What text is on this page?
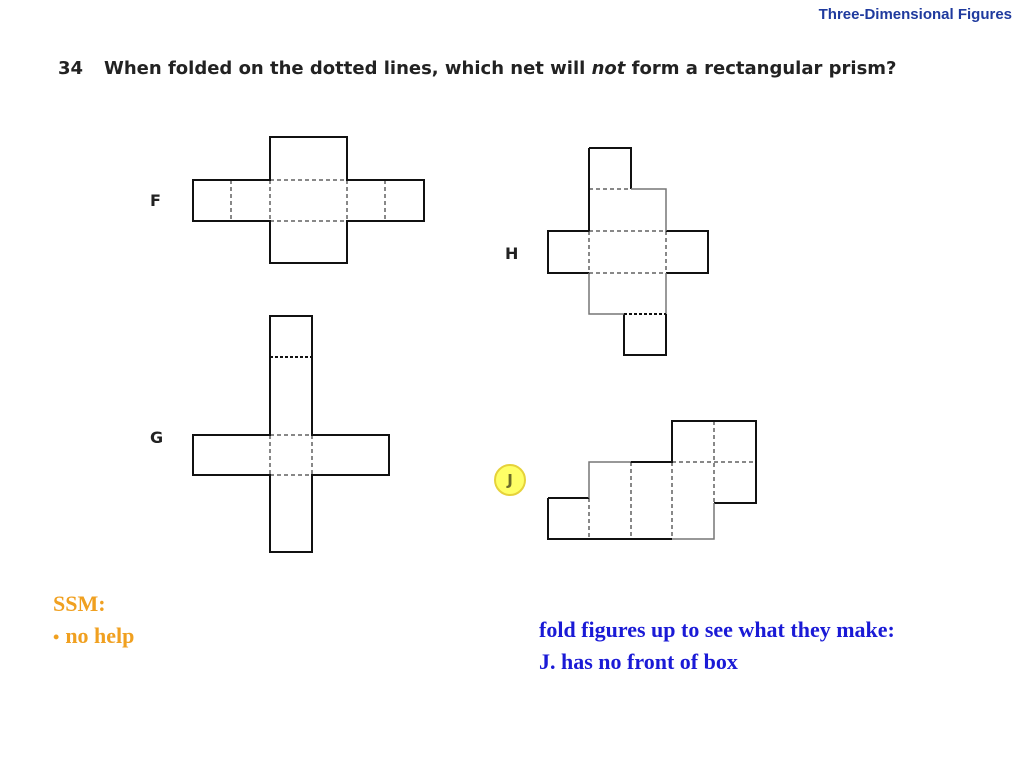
Three-Dimensional Figures
34 When folded on the dotted lines, which net will not form a rectangular prism?
F
G
H
J
SSM:
• no help	fold figures up to see what they make:
J. has no front of box
